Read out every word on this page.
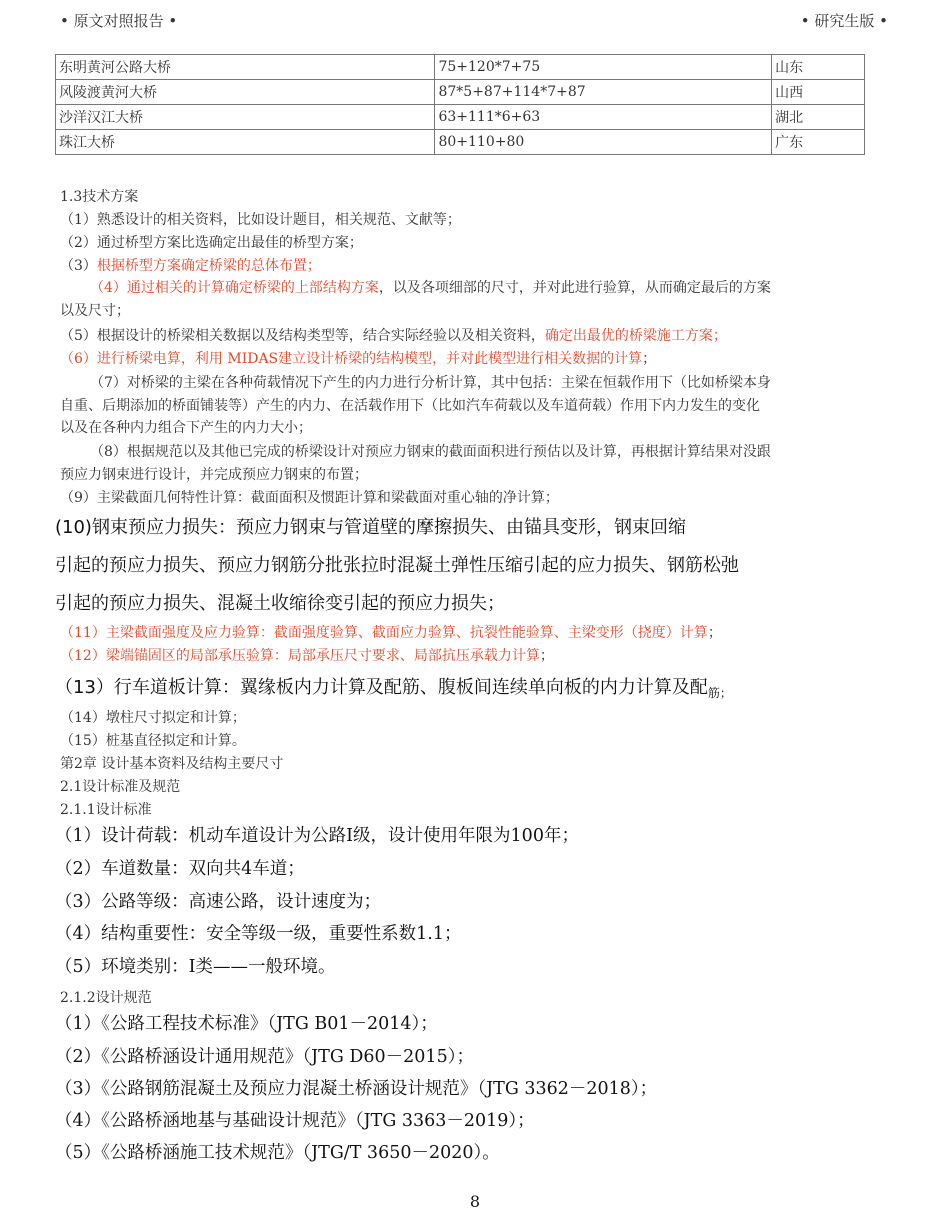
• 原文对照报告 •	• 研究生版 •
东明黄河公路大桥	75+120*7+75	山东
风陵渡黄河大桥	87*5+87+114*7+87	山西
沙洋汉江大桥	63+111*6+63	湖北
珠江大桥	80+110+80	广东
1.3技术方案
（1）熟悉设计的相关资料，比如设计题目，相关规范、文献等；
（2）通过桥型方案比选确定出最佳的桥型方案；
（3）根据桥型方案确定桥梁的总体布置；
（4）通过相关的计算确定桥梁的上部结构方案，以及各项细部的尺寸，并对此进行验算，从而确定最后的方案
以及尺寸；
（5）根据设计的桥梁相关数据以及结构类型等，结合实际经验以及相关资料，确定出最优的桥梁施工方案；
（6）进行桥梁电算，利用 MIDAS建立设计桥梁的结构模型，并对此模型进行相关数据的计算；
（7）对桥梁的主梁在各种荷载情况下产生的内力进行分析计算，其中包括：主梁在恒载作用下（比如桥梁本身
自重、后期添加的桥面铺装等）产生的内力、在活载作用下（比如汽车荷载以及车道荷载）作用下内力发生的变化
以及在各种内力组合下产生的内力大小；
（8）根据规范以及其他已完成的桥梁设计对预应力钢束的截面面积进行预估以及计算，再根据计算结果对没跟
预应力钢束进行设计，并完成预应力钢束的布置；
（9）主梁截面几何特性计算：截面面积及惯距计算和梁截面对重心轴的净计算；
(10)钢束预应力损失：预应力钢束与管道壁的摩擦损失、由锚具变形，钢束回缩
引起的预应力损失、预应力钢筋分批张拉时混凝土弹性压缩引起的应力损失、钢筋松弛
引起的预应力损失、混凝土收缩徐变引起的预应力损失；
（11）主梁截面强度及应力验算：截面强度验算、截面应力验算、抗裂性能验算、主梁变形（挠度）计算；
（12）梁端锚固区的局部承压验算：局部承压尺寸要求、局部抗压承载力计算；
（13）行车道板计算：翼缘板内力计算及配筋、腹板间连续单向板的内力计算及配$_{筋;}$
（14）墩柱尺寸拟定和计算；
（15）桩基直径拟定和计算。
第2章 设计基本资料及结构主要尺寸
2.1设计标准及规范
2.1.1设计标准
（1）设计荷载：机动车道设计为公路Ⅰ级，设计使用年限为100年；
（2）车道数量：双向共4车道；
（3）公路等级：高速公路，设计速度为；
（4）结构重要性：安全等级一级，重要性系数1.1；
（5）环境类别：Ⅰ类——一般环境。
2.1.2设计规范
（1）《公路工程技术标准》（JTG B01－2014）；
（2）《公路桥涵设计通用规范》（JTG D60－2015）；
（3）《公路钢筋混凝土及预应力混凝土桥涵设计规范》（JTG 3362－2018）；
（4）《公路桥涵地基与基础设计规范》（JTG 3363－2019）；
（5）《公路桥涵施工技术规范》（JTG/T 3650－2020）。
8
